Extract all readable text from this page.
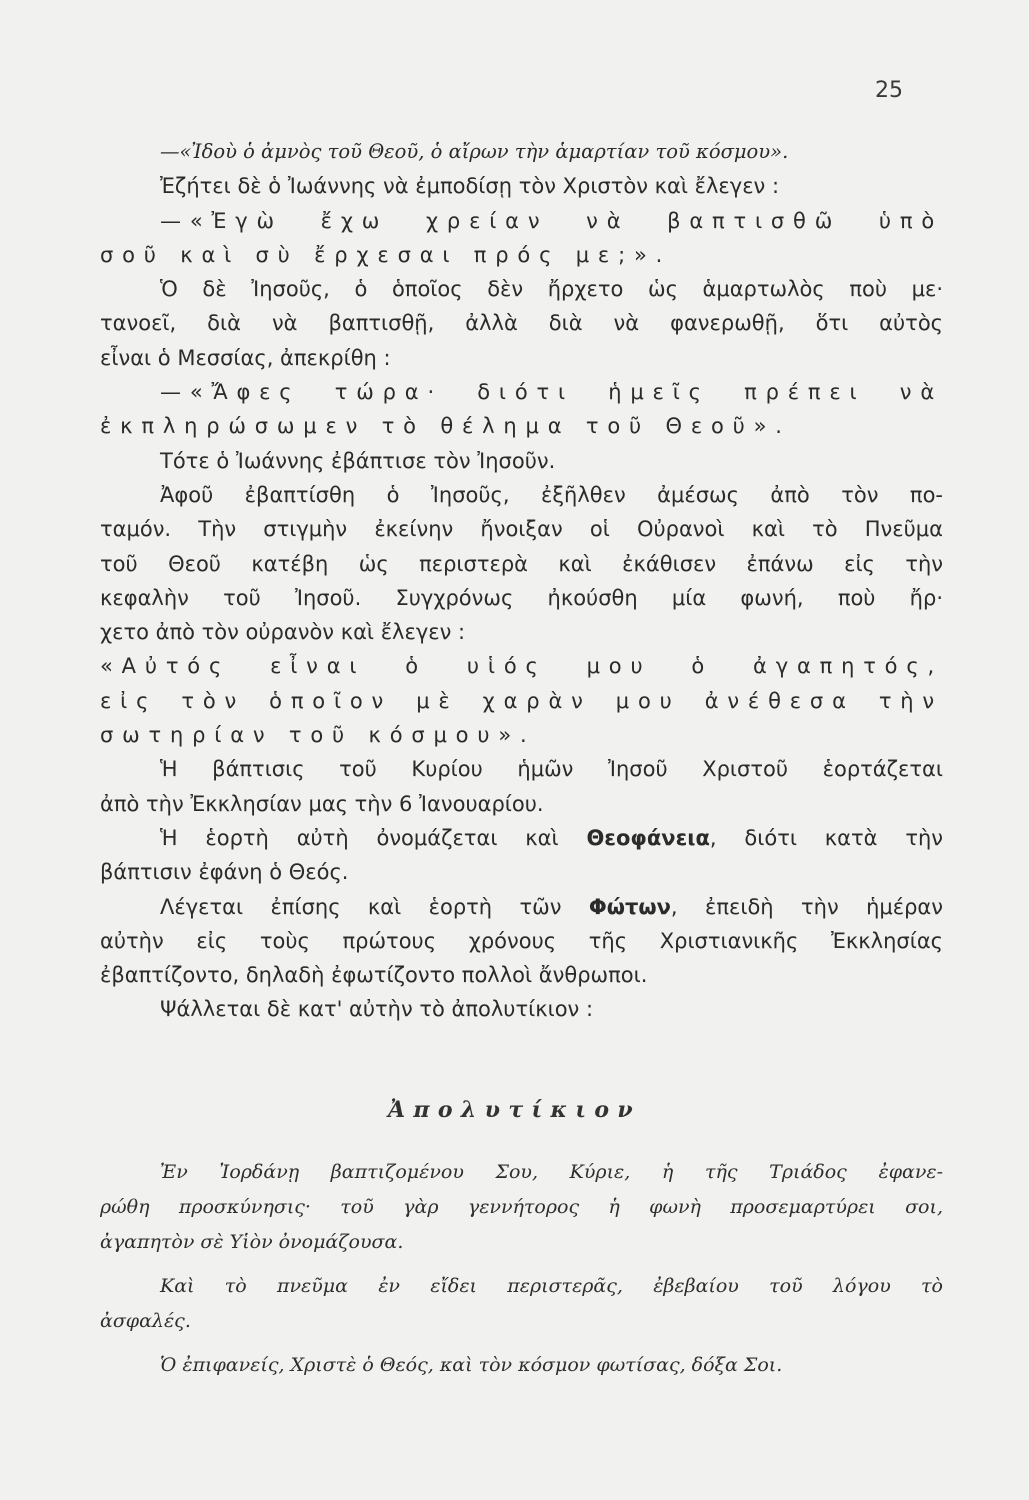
25
—«Ἰδοὺ ὁ ἀμνὸς τοῦ Θεοῦ, ὁ αἴρων τὴν ἁμαρτίαν τοῦ κόσμου».
Ἐζήτει δὲ ὁ Ἰωάννης νὰ ἐμποδίσῃ τὸν Χριστὸν καὶ ἔλεγεν :
—«Ἐγὼ ἔχω χρείαν νὰ βαπτισθῶ ὑπὸ
σοῦ καὶ σὺ ἔρχεσαι πρός με;».
Ὁ δὲ Ἰησοῦς, ὁ ὁποῖος δὲν ἤρχετο ὡς ἁμαρτωλὸς ποὺ με·
τανοεῖ, διὰ νὰ βαπτισθῇ, ἀλλὰ διὰ νὰ φανερωθῇ, ὅτι αὐτὸς
εἶναι ὁ Μεσσίας, ἀπεκρίθη :
—«Ἄφες τώρα· διότι ἡμεῖς πρέπει νὰ
ἐκπληρώσωμεν τὸ θέλημα τοῦ Θεοῦ».
Τότε ὁ Ἰωάννης ἐβάπτισε τὸν Ἰησοῦν.
Ἀφοῦ ἐβαπτίσθη ὁ Ἰησοῦς, ἐξῆλθεν ἀμέσως ἀπὸ τὸν πο-
ταμόν. Τὴν στιγμὴν ἐκείνην ἤνοιξαν οἱ Οὐρανοὶ καὶ τὸ Πνεῦμα
τοῦ Θεοῦ κατέβη ὡς περιστερὰ καὶ ἐκάθισεν ἐπάνω εἰς τὴν
κεφαλὴν τοῦ Ἰησοῦ. Συγχρόνως ἠκούσθη μία φωνή, ποὺ ἤρ·
χετο ἀπὸ τὸν οὐρανὸν καὶ ἔλεγεν :
«Αὐτός εἶναι ὁ υἱός μου ὁ ἀγαπητός,
εἰς τὸν ὁποῖον μὲ χαρὰν μου ἀνέθεσα τὴν
σωτηρίαν τοῦ κόσμου».
Ἡ βάπτισις τοῦ Κυρίου ἡμῶν Ἰησοῦ Χριστοῦ ἑορτάζεται
ἀπὸ τὴν Ἐκκλησίαν μας τὴν 6 Ἰανουαρίου.
Ἡ ἑορτὴ αὐτὴ ὀνομάζεται καὶ Θεοφάνεια, διότι κατὰ τὴν
βάπτισιν ἐφάνη ὁ Θεός.
Λέγεται ἐπίσης καὶ ἑορτὴ τῶν Φώτων, ἐπειδὴ τὴν ἡμέραν
αὐτὴν εἰς τοὺς πρώτους χρόνους τῆς Χριστιανικῆς Ἐκκλησίας
ἐβαπτίζοντο, δηλαδὴ ἐφωτίζοντο πολλοὶ ἄνθρωποι.
Ψάλλεται δὲ κατ' αὐτὴν τὸ ἀπολυτίκιον :
Ἀπολυτίκιον
Ἐν Ἰορδάνῃ βαπτιζομένου Σου, Κύριε, ἡ τῆς Τριάδος ἐφανε-
ρώθη προσκύνησις· τοῦ γὰρ γεννήτορος ἡ φωνὴ προσεμαρτύρει σοι,
ἀγαπητὸν σὲ Υἱὸν ὀνομάζουσα.
Καὶ τὸ πνεῦμα ἐν εἴδει περιστερᾶς, ἐβεβαίου τοῦ λόγου τὸ
ἀσφαλές.
Ὁ ἐπιφανείς, Χριστὲ ὁ Θεός, καὶ τὸν κόσμον φωτίσας, δόξα Σοι.
